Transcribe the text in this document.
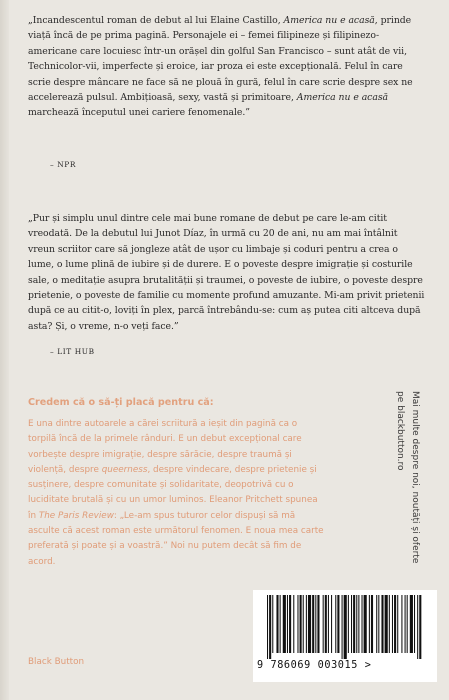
„Incandescentul roman de debut al lui Elaine Castillo, America nu e acasă, prinde viață încă de pe prima pagină. Personajele ei – femei filipineze și filipinezo-americane care locuiesc într-un orășel din golful San Francisco – sunt atât de vii, Technicolor-vii, imperfecte și eroice, iar proza ei este excepțională. Felul în care scrie despre mâncare ne face să ne plouă în gură, felul în care scrie despre sex ne accelerează pulsul. Ambițioasă, sexy, vastă și primitoare, America nu e acasă marchează începutul unei cariere fenomenale.”

– NPR

„Pur și simplu unul dintre cele mai bune romane de debut pe care le-am citit vreodată. De la debutul lui Junot Díaz, în urmă cu 20 de ani, nu am mai întâlnit vreun scriitor care să jongleze atât de ușor cu limbaje și coduri pentru a crea o lume, o lume plină de iubire și de durere. E o poveste despre imigrație și costurile sale, o meditație asupra brutalității și traumei, o poveste de iubire, o poveste despre prietenie, o poveste de familie cu momente profund amuzante. Mi-am privit prietenii după ce au citit-o, loviți în plex, parcă întrebându-se: cum aș putea citi altceva după asta? Și, o vreme, n-o veți face.”

– LIT HUB

Credem că o să-ți placă pentru că:

E una dintre autoarele a cărei scriitură a ieșit din pagină ca o torpilă încă de la primele rânduri. E un debut excepțional care vorbește despre imigrație, despre sărăcie, despre traumă și violență, despre queerness, despre vindecare, despre prietenie și susținere, despre comunitate și solidaritate, deopotrivă cu o luciditate brutală și cu un umor luminos. Eleanor Pritchett spunea în The Paris Review: „Le-am spus tuturor celor dispuși să mă asculte că acest roman este următorul fenomen. E noua mea carte preferată și poate și a voastră.” Noi nu putem decât să fim de acord.

Black Button
Mai multe despre noi, noutăți și oferte pe blackbutton.ro
9 786069 003015 >
